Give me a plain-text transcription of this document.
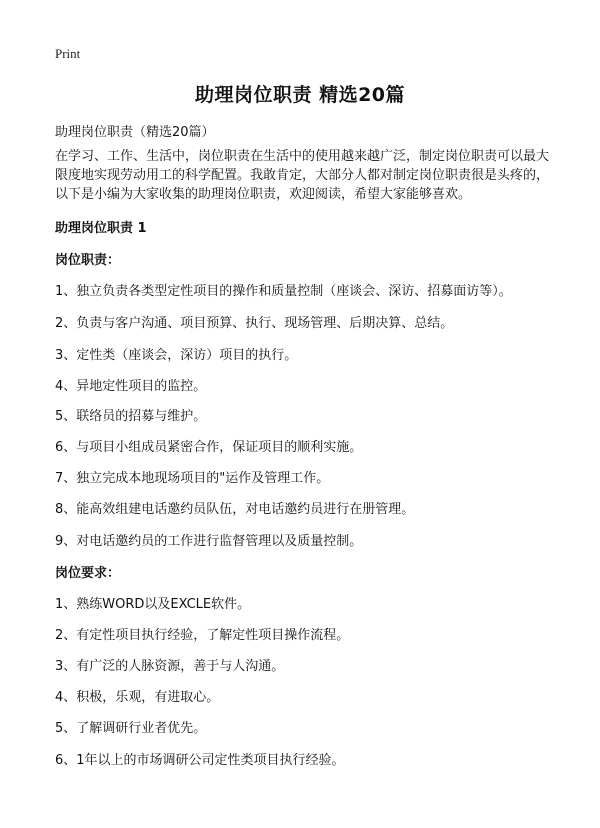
Print
助理岗位职责 精选20篇
助理岗位职责（精选20篇）
在学习、工作、生活中，岗位职责在生活中的使用越来越广泛，制定岗位职责可以最大限度地实现劳动用工的科学配置。我敢肯定，大部分人都对制定岗位职责很是头疼的，以下是小编为大家收集的助理岗位职责，欢迎阅读，希望大家能够喜欢。
助理岗位职责 1
岗位职责：
1、独立负责各类型定性项目的操作和质量控制（座谈会、深访、招募面访等）。
2、负责与客户沟通、项目预算、执行、现场管理、后期决算、总结。
3、定性类（座谈会，深访）项目的执行。
4、异地定性项目的监控。
5、联络员的招募与维护。
6、与项目小组成员紧密合作，保证项目的顺利实施。
7、独立完成本地现场项目的"运作及管理工作。
8、能高效组建电话邀约员队伍，对电话邀约员进行在册管理。
9、对电话邀约员的工作进行监督管理以及质量控制。
岗位要求：
1、熟练WORD以及EXCLE软件。
2、有定性项目执行经验，了解定性项目操作流程。
3、有广泛的人脉资源，善于与人沟通。
4、积极，乐观，有进取心。
5、了解调研行业者优先。
6、1年以上的市场调研公司定性类项目执行经验。
